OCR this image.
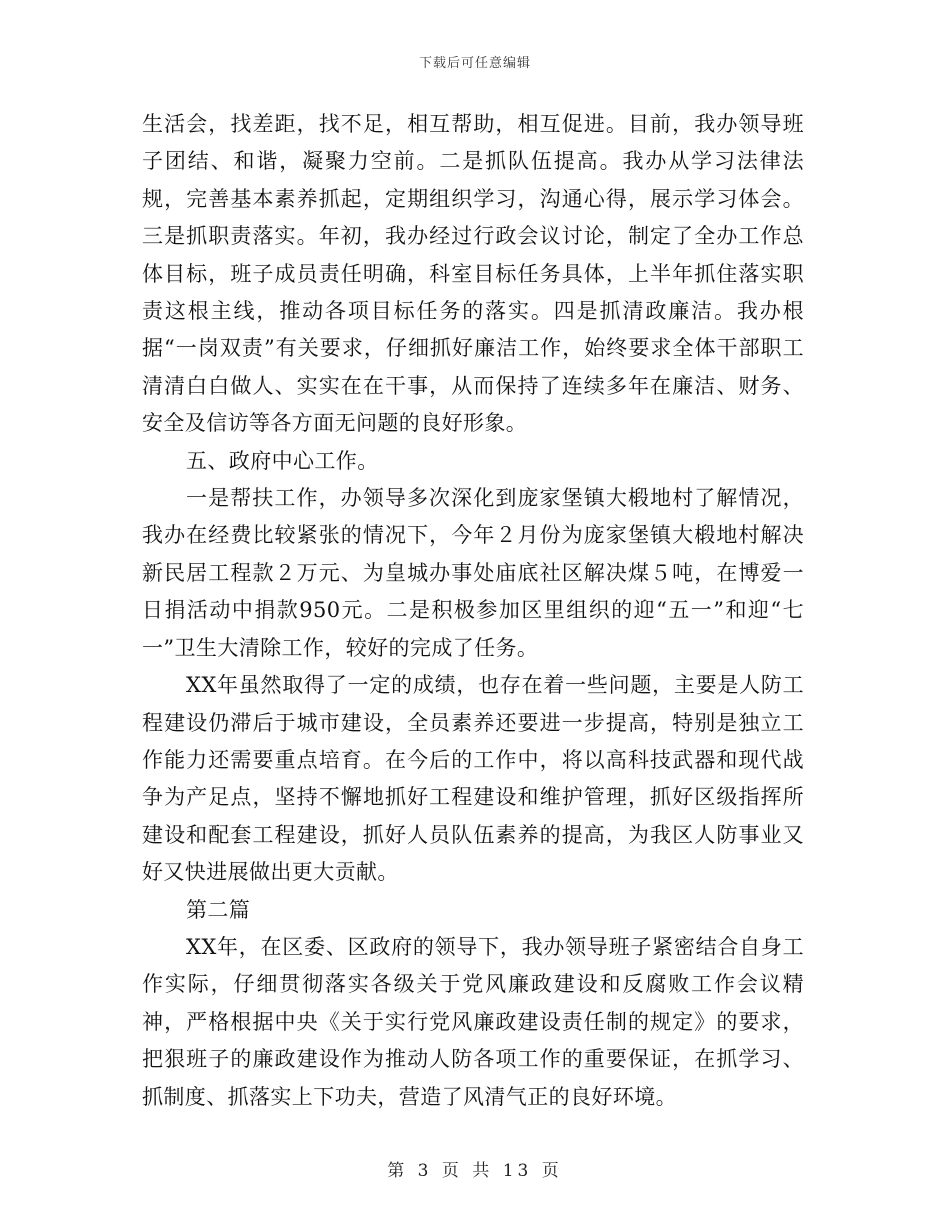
下载后可任意编辑

生活会，找差距，找不足，相互帮助，相互促进。目前，我办领导班子团结、和谐，凝聚力空前。二是抓队伍提高。我办从学习法律法规，完善基本素养抓起，定期组织学习，沟通心得，展示学习体会。三是抓职责落实。年初，我办经过行政会议讨论，制定了全办工作总体目标，班子成员责任明确，科室目标任务具体，上半年抓住落实职责这根主线，推动各项目标任务的落实。四是抓清政廉洁。我办根据“一岗双责”有关要求，仔细抓好廉洁工作，始终要求全体干部职工清清白白做人、实实在在干事，从而保持了连续多年在廉洁、财务、安全及信访等各方面无问题的良好形象。

五、政府中心工作。

一是帮扶工作，办领导多次深化到庞家堡镇大椴地村了解情况，我办在经费比较紧张的情况下，今年２月份为庞家堡镇大椴地村解决新民居工程款２万元、为皇城办事处庙底社区解决煤５吨，在博爱一日捐活动中捐款950元。二是积极参加区里组织的迎“五一”和迎“七一”卫生大清除工作，较好的完成了任务。

XX年虽然取得了一定的成绩，也存在着一些问题，主要是人防工程建设仍滞后于城市建设，全员素养还要进一步提高，特别是独立工作能力还需要重点培育。在今后的工作中，将以高科技武器和现代战争为产足点，坚持不懈地抓好工程建设和维护管理，抓好区级指挥所建设和配套工程建设，抓好人员队伍素养的提高，为我区人防事业又好又快进展做出更大贡献。

第二篇

XX年，在区委、区政府的领导下，我办领导班子紧密结合自身工作实际，仔细贯彻落实各级关于党风廉政建设和反腐败工作会议精神，严格根据中央《关于实行党风廉政建设责任制的规定》的要求，把狠班子的廉政建设作为推动人防各项工作的重要保证，在抓学习、抓制度、抓落实上下功夫，营造了风清气正的良好环境。

第 3 页 共 13 页
